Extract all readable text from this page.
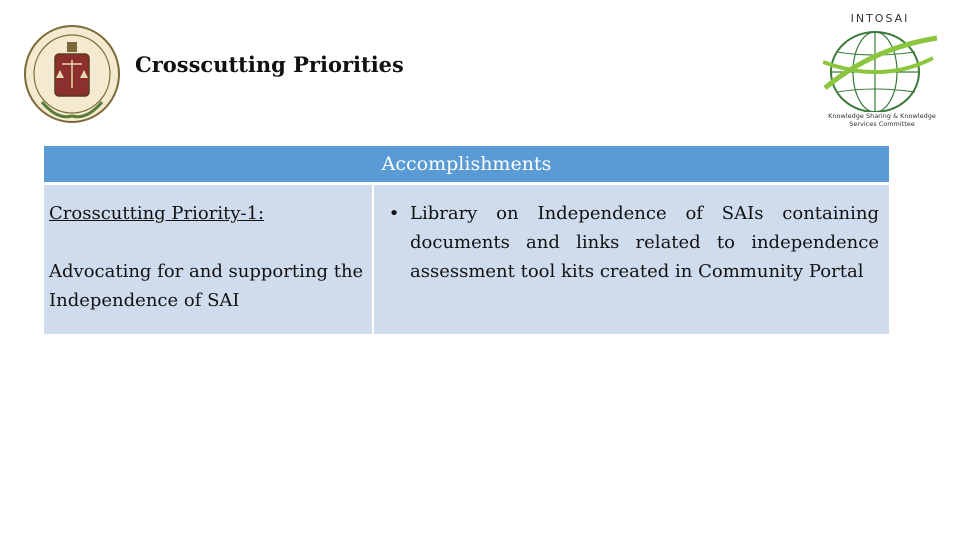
Crosscutting Priorities
INTOSAI
Knowledge Sharing & Knowledge
Services Committee
Accomplishments
Crosscutting Priority-1:
Advocating for and supporting the Independence of SAI
• Library on Independence of SAIs containing documents and links related to independence assessment tool kits created in Community Portal
